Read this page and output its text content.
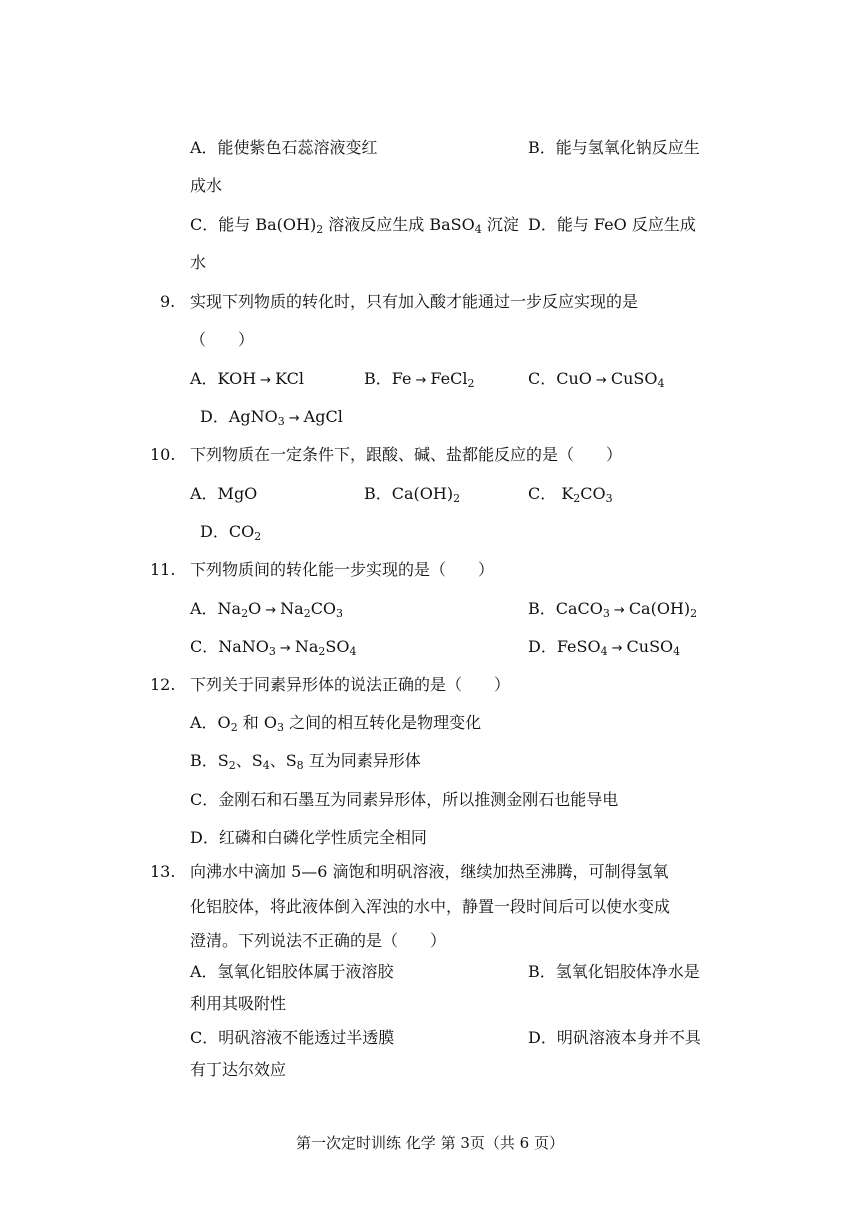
A．能使紫色石蕊溶液变红	B．能与氢氧化钠反应生
成水
C．能与 $Ba(OH)_2$ 溶液反应生成 BaSO$_4$ 沉淀 D．能与 FeO 反应生成
水
9. 实现下列物质的转化时，只有加入酸才能通过一步反应实现的是
（　　）
A．KOH → KCl	B．Fe → FeCl$_2$	C．CuO → CuSO$_4$
D．AgNO$_3$ → AgCl
10. 下列物质在一定条件下，跟酸、碱、盐都能反应的是（　　）
A．MgO	B．$Ca(OH)_2$	C． $K_2CO_3$
D．$CO_2$
11. 下列物质间的转化能一步实现的是（　　）
A．$Na_2O \to Na_2CO_3$	B．CaCO$_3$ → $Ca(OH)_2$
C．NaNO$_3$ → $Na_2SO_4$	D．FeSO$_4$ → CuSO$_4$
12. 下列关于同素异形体的说法正确的是（　　）
A．$O_2$ 和 $O_3$ 之间的相互转化是物理变化
B．$S_2$、$S_4$、$S_8$ 互为同素异形体
C．金刚石和石墨互为同素异形体，所以推测金刚石也能导电
D．红磷和白磷化学性质完全相同
13. 向沸水中滴加 5—6 滴饱和明矾溶液，继续加热至沸腾，可制得氢氧
化铝胶体，将此液体倒入浑浊的水中，静置一段时间后可以使水变成
澄清。下列说法不正确的是（　　）
A．氢氧化铝胶体属于液溶胶	B．氢氧化铝胶体净水是
利用其吸附性
C．明矾溶液不能透过半透膜	D．明矾溶液本身并不具
有丁达尔效应
第一次定时训练 化学 第 3页（共 6 页）
